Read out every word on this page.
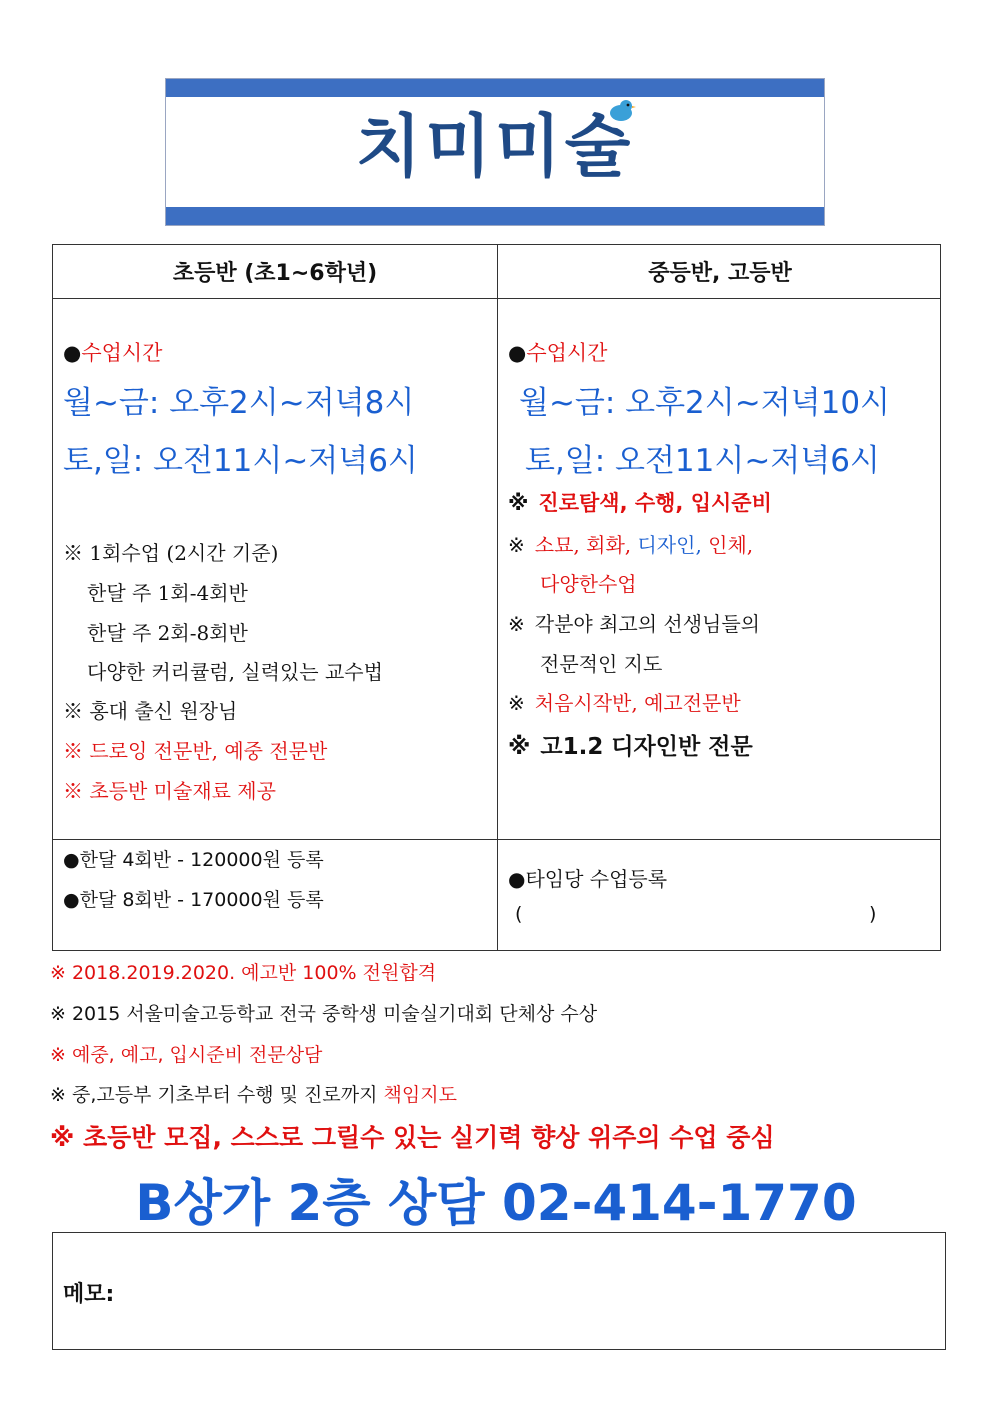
치미미술
초등반 (초1~6학년)	중등반, 고등반
●수업시간
월~금: 오후2시~저녁8시
토,일: 오전11시~저녁6시
※ 1회수업 (2시간 기준)
한달 주 1회-4회반
한달 주 2회-8회반
다양한 커리큘럼, 실력있는 교수법
※ 홍대 출신 원장님
※ 드로잉 전문반, 예중 전문반
※ 초등반 미술재료 제공
●한달 4회반 - 120000원 등록
●한달 8회반 - 170000원 등록
●수업시간
월~금: 오후2시~저녁10시
토,일: 오전11시~저녁6시
※ 진로탐색, 수행, 입시준비
※ 소묘, 회화, 디자인, 인체,
다양한수업
※ 각분야 최고의 선생님들의
전문적인 지도
※ 처음시작반, 예고전문반
※ 고1.2 디자인반 전문
●타임당 수업등록
(	)
※ 2018.2019.2020. 예고반 100% 전원합격
※ 2015 서울미술고등학교 전국 중학생 미술실기대회 단체상 수상
※ 예중, 예고, 입시준비 전문상담
※ 중,고등부 기초부터 수행 및 진로까지 책임지도
※ 초등반 모집, 스스로 그릴수 있는 실기력 향상 위주의 수업 중심
B상가 2층 상담 02-414-1770
메모:
